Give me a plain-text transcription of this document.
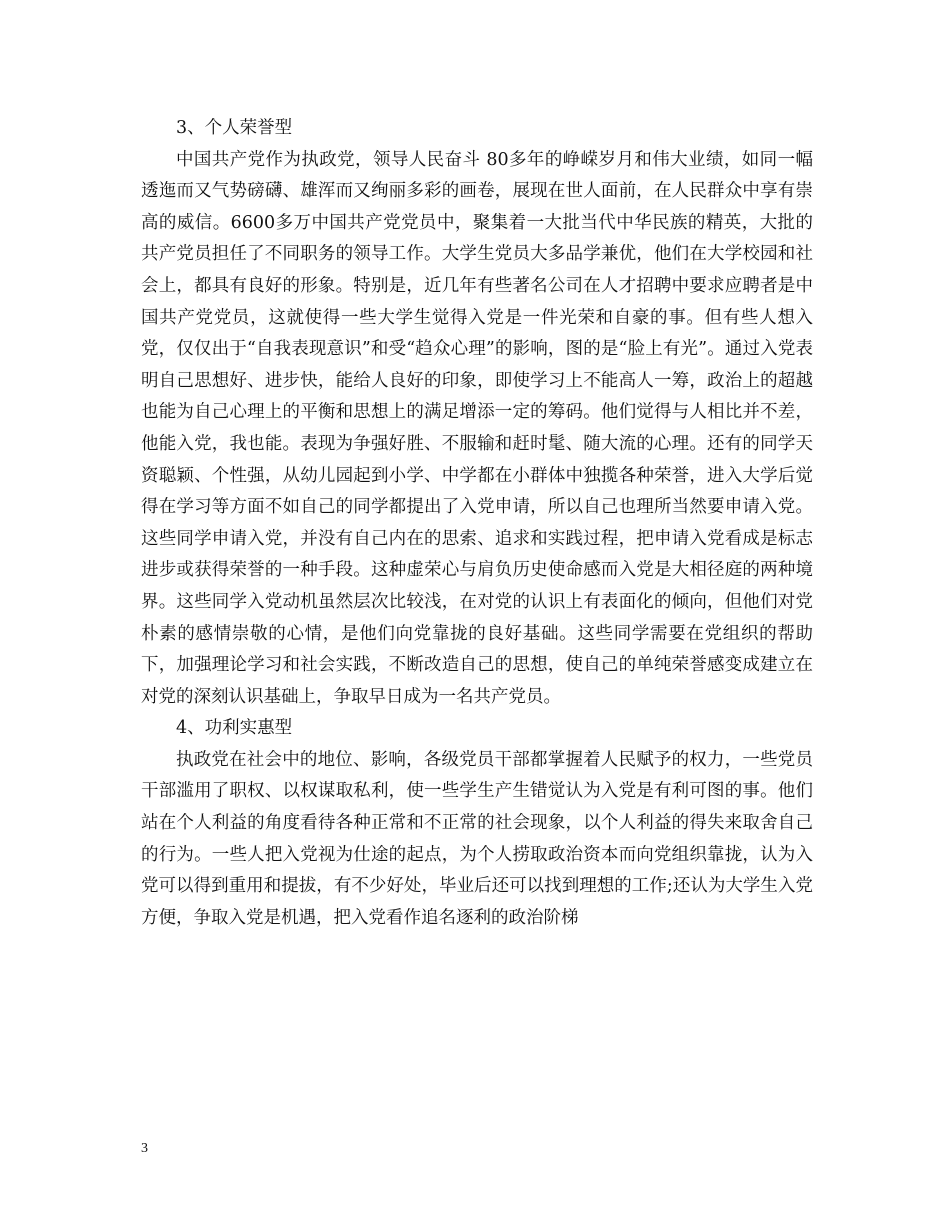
3、个人荣誉型

中国共产党作为执政党，领导人民奋斗 80多年的峥嵘岁月和伟大业绩，如同一幅透迤而又气势磅礴、雄浑而又绚丽多彩的画卷，展现在世人面前，在人民群众中享有崇高的威信。6600多万中国共产党党员中，聚集着一大批当代中华民族的精英，大批的共产党员担任了不同职务的领导工作。大学生党员大多品学兼优，他们在大学校园和社会上，都具有良好的形象。特别是，近几年有些著名公司在人才招聘中要求应聘者是中国共产党党员，这就使得一些大学生觉得入党是一件光荣和自豪的事。但有些人想入党，仅仅出于“自我表现意识”和受“趋众心理”的影响，图的是“脸上有光”。通过入党表明自己思想好、进步快，能给人良好的印象，即使学习上不能高人一筹，政治上的超越也能为自己心理上的平衡和思想上的满足增添一定的筹码。他们觉得与人相比并不差，他能入党，我也能。表现为争强好胜、不服输和赶时髦、随大流的心理。还有的同学天资聪颖、个性强，从幼儿园起到小学、中学都在小群体中独揽各种荣誉，进入大学后觉得在学习等方面不如自己的同学都提出了入党申请，所以自己也理所当然要申请入党。这些同学申请入党，并没有自己内在的思索、追求和实践过程，把申请入党看成是标志进步或获得荣誉的一种手段。这种虚荣心与肩负历史使命感而入党是大相径庭的两种境界。这些同学入党动机虽然层次比较浅，在对党的认识上有表面化的倾向，但他们对党朴素的感情崇敬的心情，是他们向党靠拢的良好基础。这些同学需要在党组织的帮助下，加强理论学习和社会实践，不断改造自己的思想，使自己的单纯荣誉感变成建立在对党的深刻认识基础上，争取早日成为一名共产党员。

4、功利实惠型

执政党在社会中的地位、影响，各级党员干部都掌握着人民赋予的权力，一些党员干部滥用了职权、以权谋取私利，使一些学生产生错觉认为入党是有利可图的事。他们站在个人利益的角度看待各种正常和不正常的社会现象，以个人利益的得失来取舍自己的行为。一些人把入党视为仕途的起点，为个人捞取政治资本而向党组织靠拢，认为入党可以得到重用和提拔，有不少好处，毕业后还可以找到理想的工作;还认为大学生入党方便，争取入党是机遇，把入党看作追名逐利的政治阶梯

3
